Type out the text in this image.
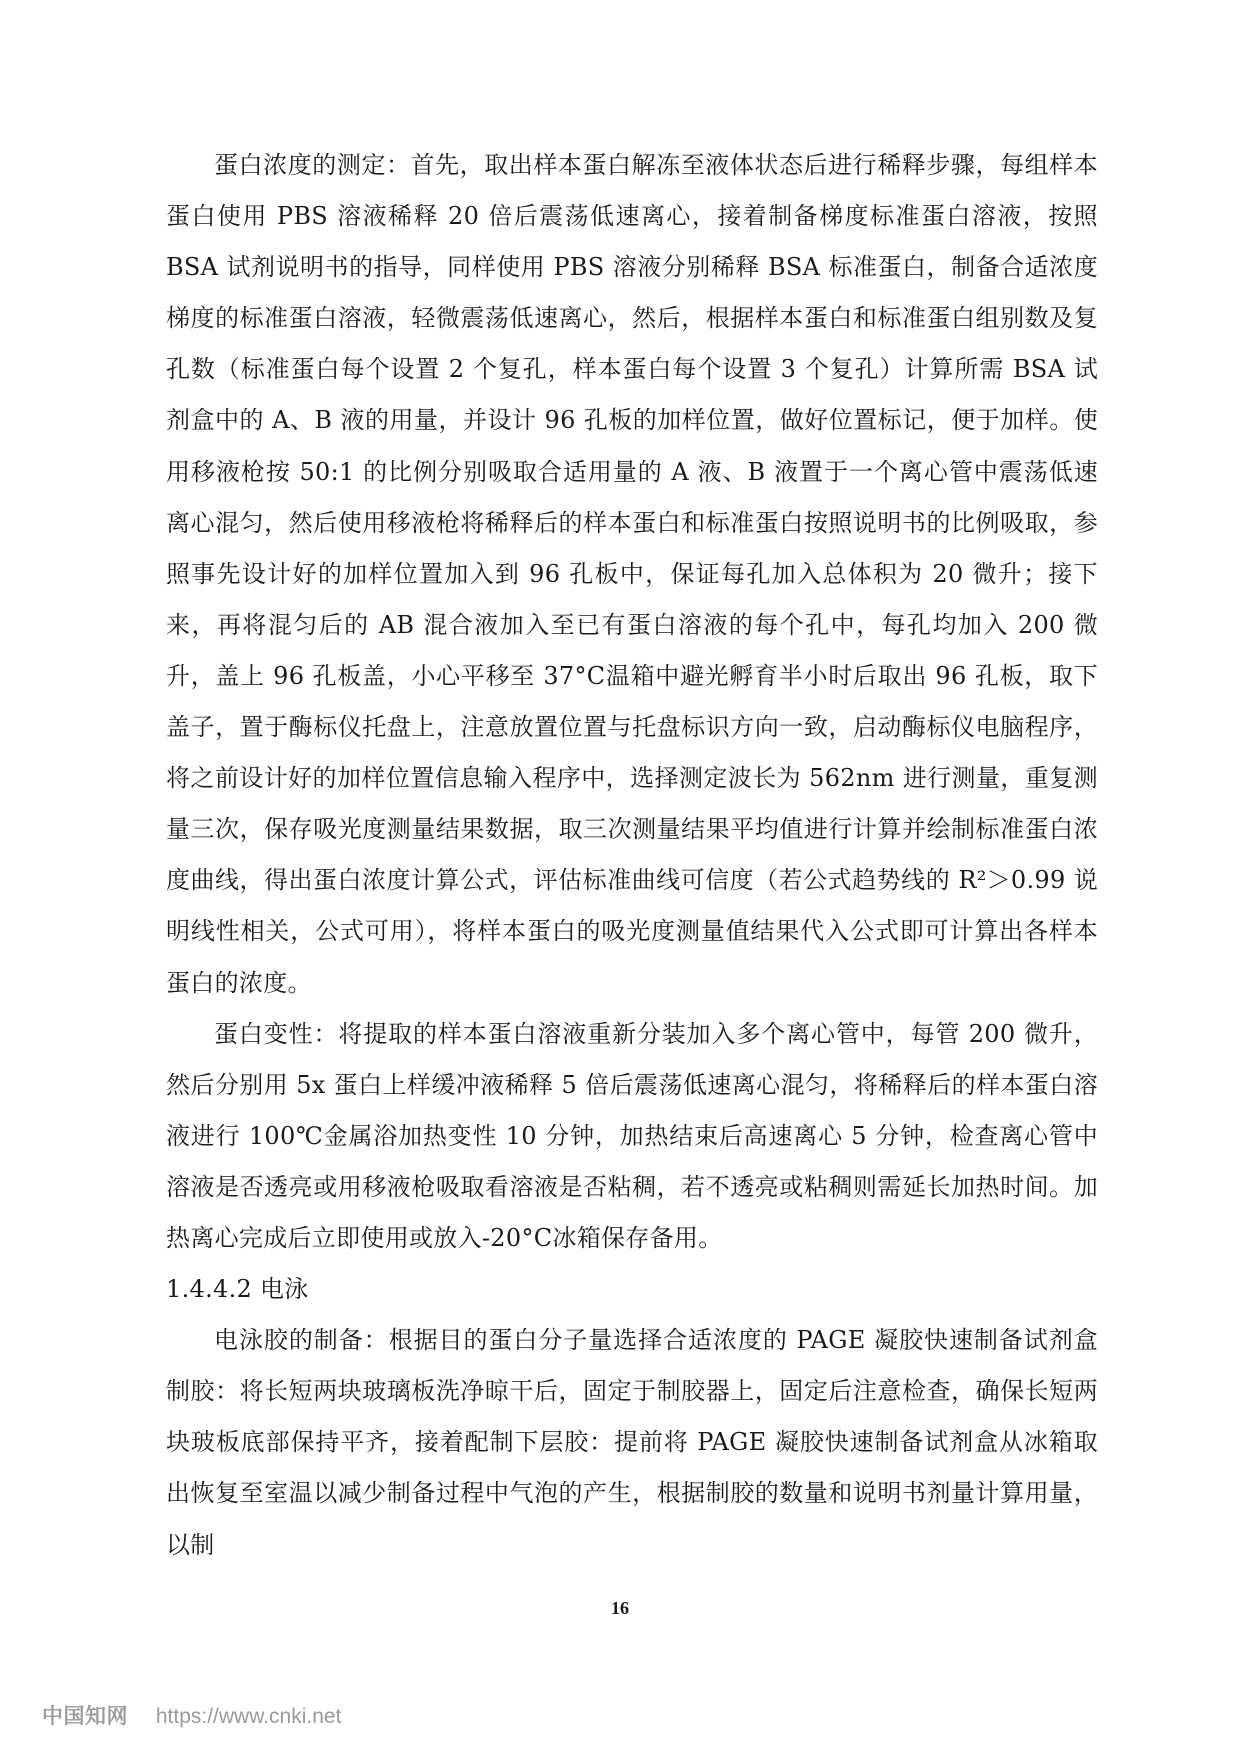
蛋白浓度的测定：首先，取出样本蛋白解冻至液体状态后进行稀释步骤，每组样本蛋白使用 PBS 溶液稀释 20 倍后震荡低速离心，接着制备梯度标准蛋白溶液，按照 BSA 试剂说明书的指导，同样使用 PBS 溶液分别稀释 BSA 标准蛋白，制备合适浓度梯度的标准蛋白溶液，轻微震荡低速离心，然后，根据样本蛋白和标准蛋白组别数及复孔数（标准蛋白每个设置 2 个复孔，样本蛋白每个设置 3 个复孔）计算所需 BSA 试剂盒中的 A、B 液的用量，并设计 96 孔板的加样位置，做好位置标记，便于加样。使用移液枪按 50:1 的比例分别吸取合适用量的 A 液、B 液置于一个离心管中震荡低速离心混匀，然后使用移液枪将稀释后的样本蛋白和标准蛋白按照说明书的比例吸取，参照事先设计好的加样位置加入到 96 孔板中，保证每孔加入总体积为 20 微升；接下来，再将混匀后的 AB 混合液加入至已有蛋白溶液的每个孔中，每孔均加入 200 微升，盖上 96 孔板盖，小心平移至 37°C温箱中避光孵育半小时后取出 96 孔板，取下盖子，置于酶标仪托盘上，注意放置位置与托盘标识方向一致，启动酶标仪电脑程序，将之前设计好的加样位置信息输入程序中，选择测定波长为 562nm 进行测量，重复测量三次，保存吸光度测量结果数据，取三次测量结果平均值进行计算并绘制标准蛋白浓度曲线，得出蛋白浓度计算公式，评估标准曲线可信度（若公式趋势线的 R²＞0.99 说明线性相关，公式可用），将样本蛋白的吸光度测量值结果代入公式即可计算出各样本蛋白的浓度。

蛋白变性：将提取的样本蛋白溶液重新分装加入多个离心管中，每管 200 微升，然后分别用 5x 蛋白上样缓冲液稀释 5 倍后震荡低速离心混匀，将稀释后的样本蛋白溶液进行 100℃金属浴加热变性 10 分钟，加热结束后高速离心 5 分钟，检查离心管中溶液是否透亮或用移液枪吸取看溶液是否粘稠，若不透亮或粘稠则需延长加热时间。加热离心完成后立即使用或放入-20°C冰箱保存备用。

1.4.4.2 电泳

电泳胶的制备：根据目的蛋白分子量选择合适浓度的 PAGE 凝胶快速制备试剂盒制胶：将长短两块玻璃板洗净晾干后，固定于制胶器上，固定后注意检查，确保长短两块玻板底部保持平齐，接着配制下层胶：提前将 PAGE 凝胶快速制备试剂盒从冰箱取出恢复至室温以减少制备过程中气泡的产生，根据制胶的数量和说明书剂量计算用量，以制

16
中国知网 https://www.cnki.net
